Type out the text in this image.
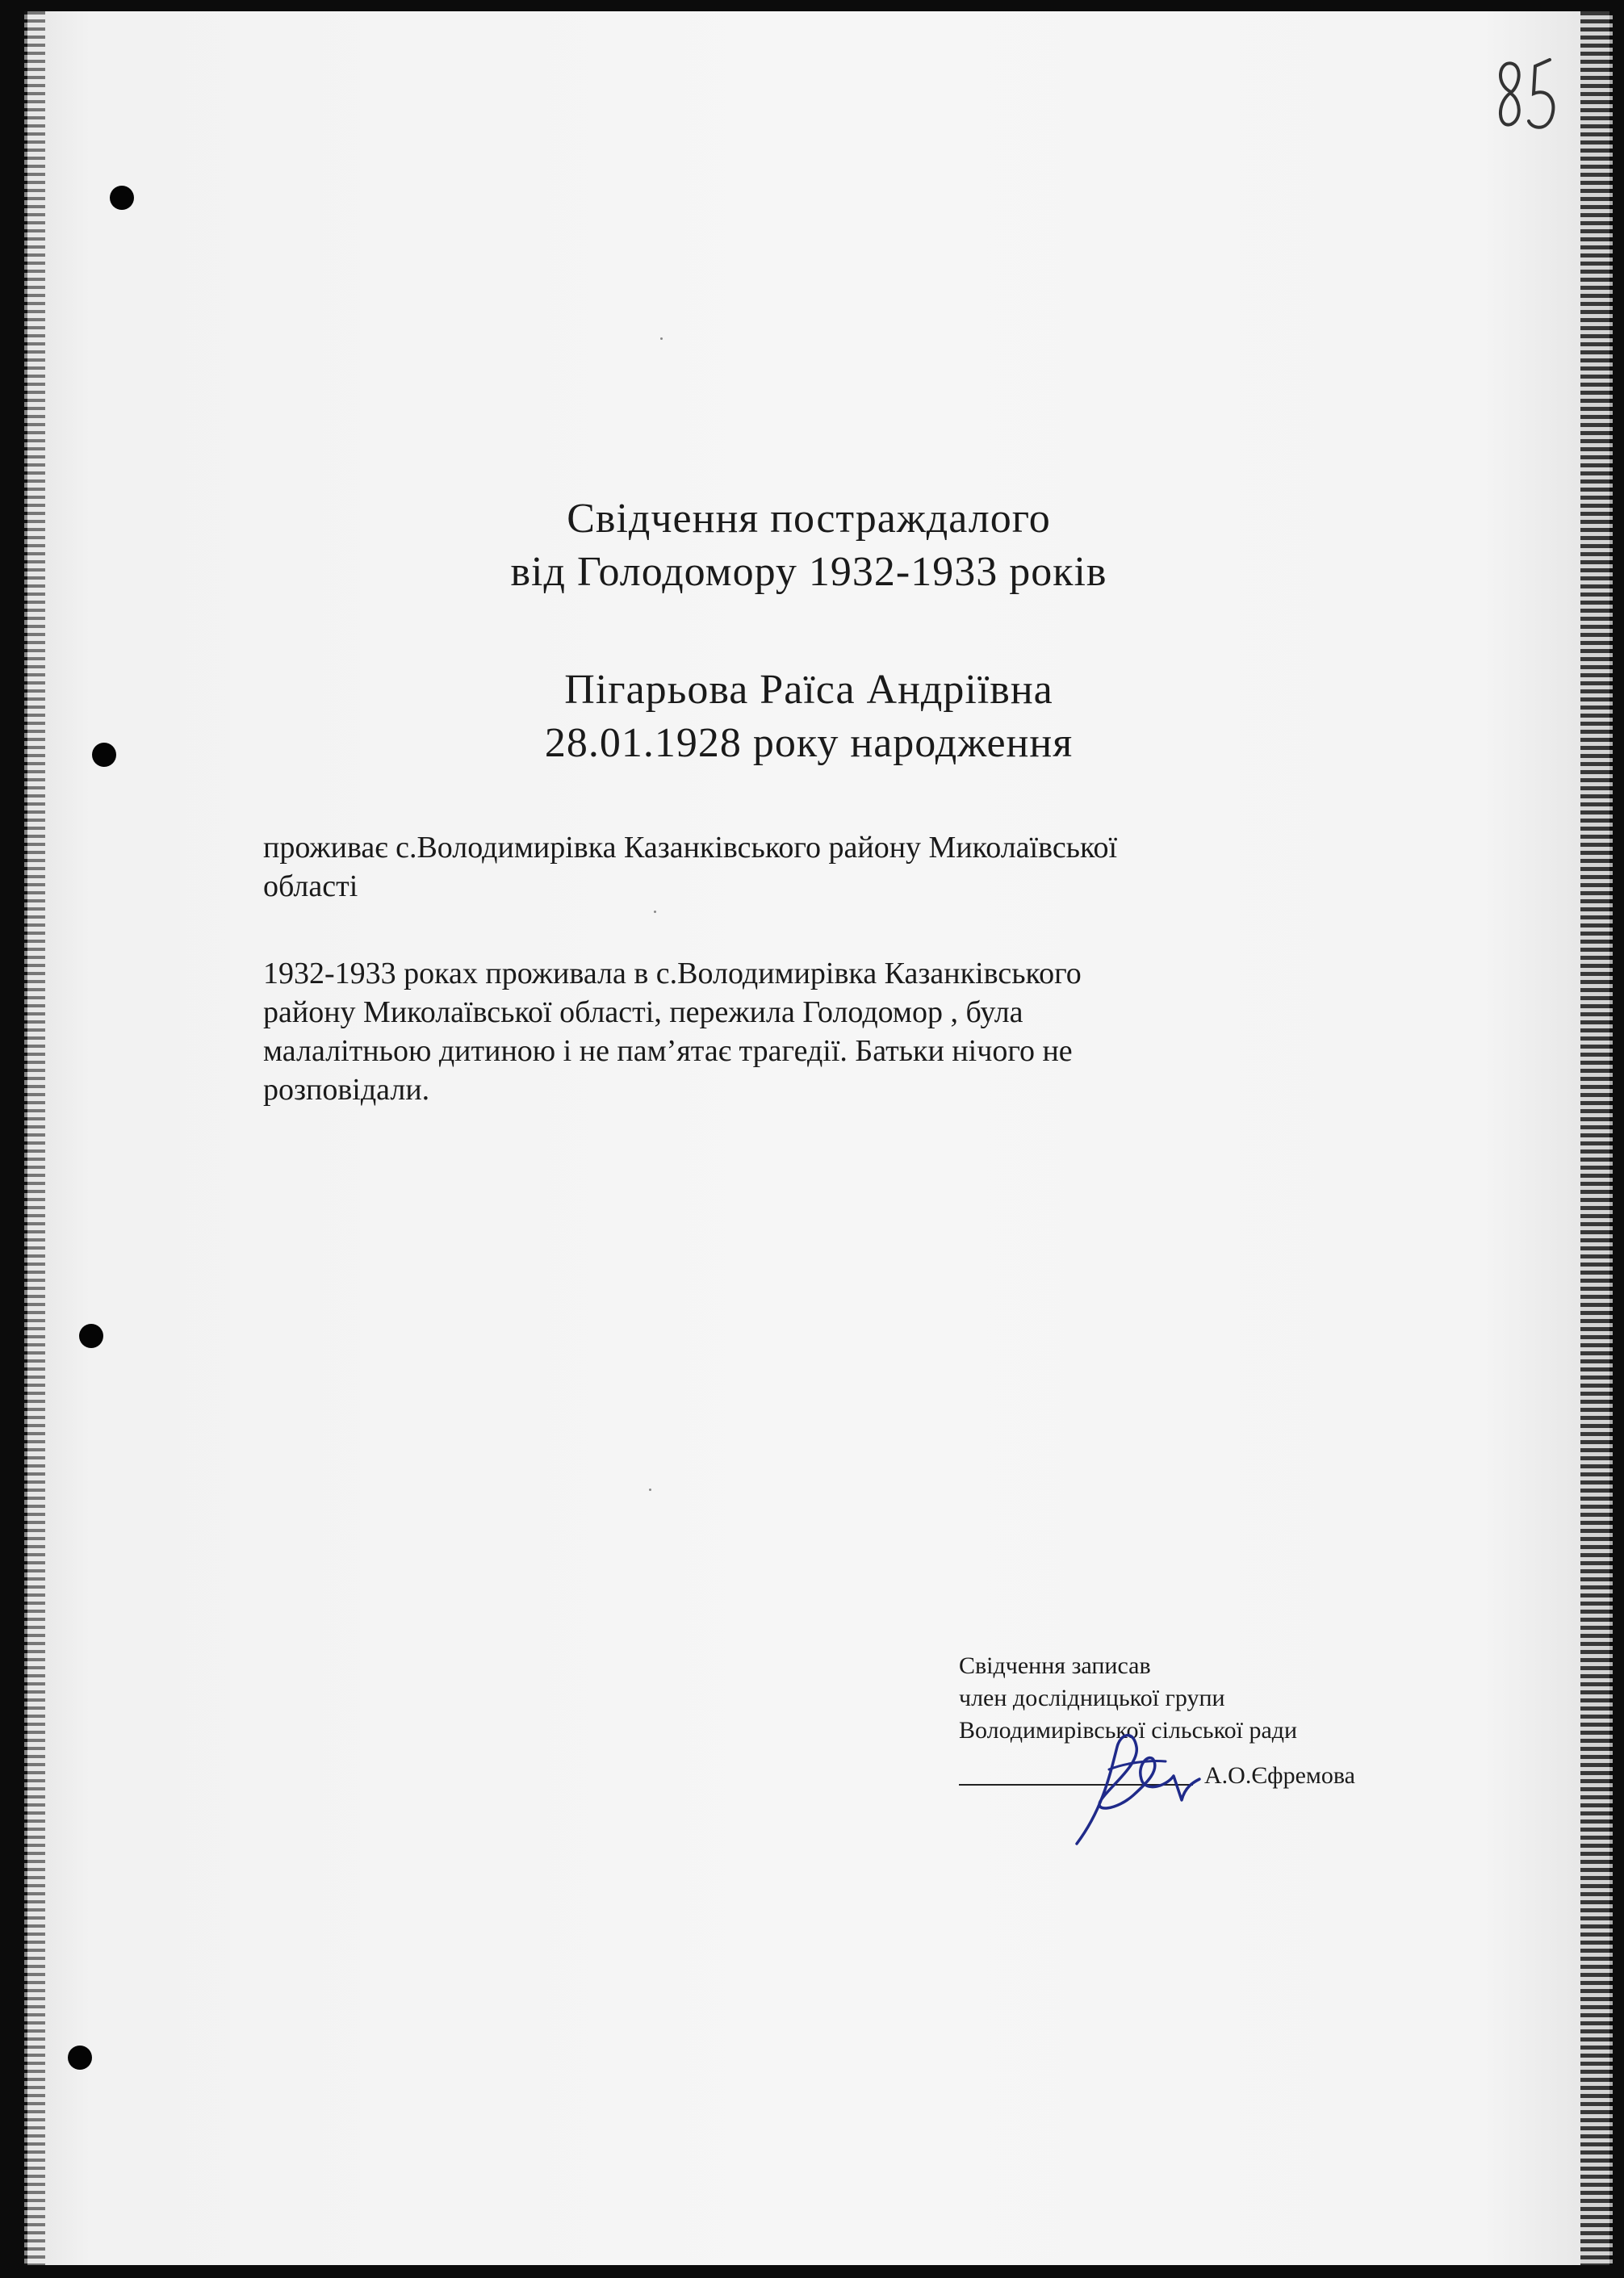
Свідчення постраждалого
від Голодомору 1932-1933 років
Пігарьова Раїса Андріївна
28.01.1928 року народження
проживає с.Володимирівка Казанківського району Миколаївської
області
1932-1933 роках проживала в с.Володимирівка Казанківського
району Миколаївської області, пережила Голодомор , була
малалітньою дитиною і не пам’ятає трагедії. Батьки нічого не
розповідали.
Свідчення записав
член дослідницької групи
Володимирівської сільської ради
А.О.Єфремова
